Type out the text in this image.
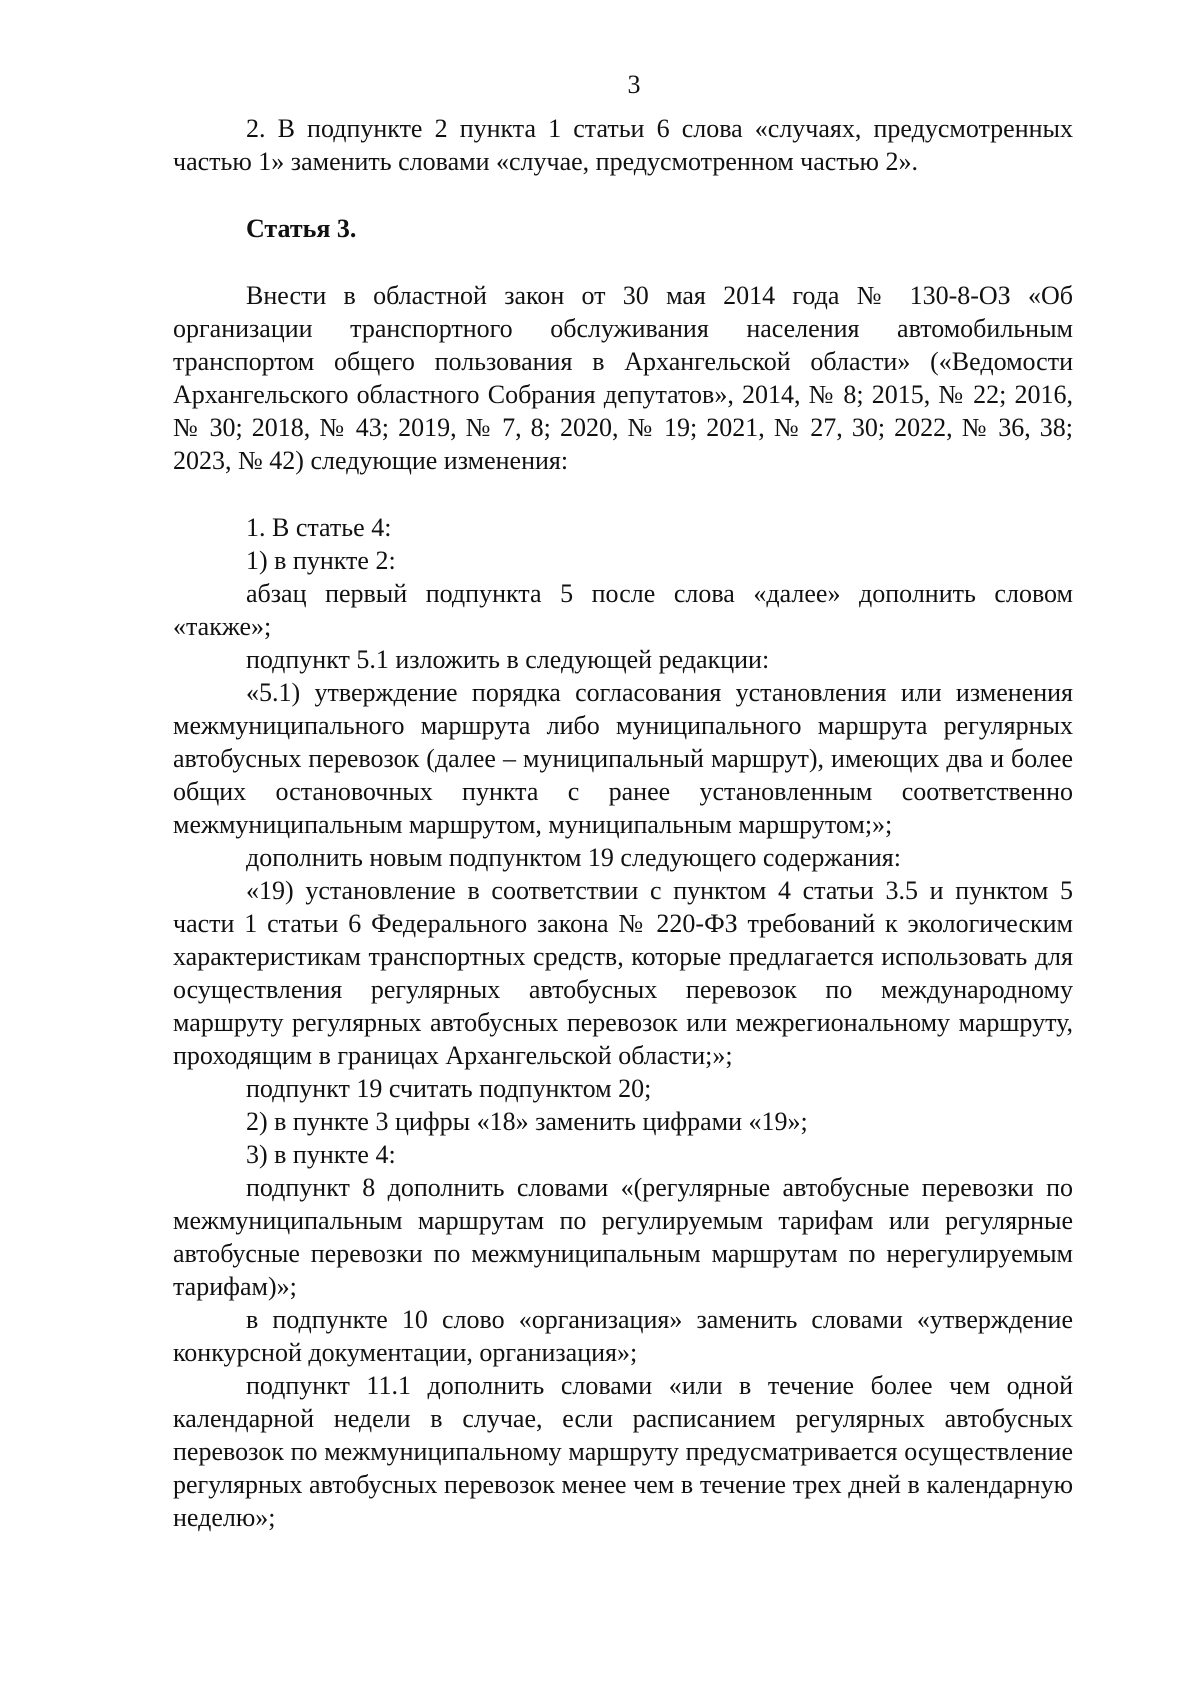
3

2. В подпункте 2 пункта 1 статьи 6 слова «случаях, предусмотренных частью 1» заменить словами «случае, предусмотренном частью 2».

Статья 3.

Внести в областной закон от 30 мая 2014 года № 130-8-ОЗ «Об организации транспортного обслуживания населения автомобильным транспортом общего пользования в Архангельской области» («Ведомости Архангельского областного Собрания депутатов», 2014, № 8; 2015, № 22; 2016, № 30; 2018, № 43; 2019, № 7, 8; 2020, № 19; 2021, № 27, 30; 2022, № 36, 38; 2023, № 42) следующие изменения:

1. В статье 4:

1) в пункте 2:

абзац первый подпункта 5 после слова «далее» дополнить словом «также»;

подпункт 5.1 изложить в следующей редакции:

«5.1) утверждение порядка согласования установления или изменения межмуниципального маршрута либо муниципального маршрута регулярных автобусных перевозок (далее – муниципальный маршрут), имеющих два и более общих остановочных пункта с ранее установленным соответственно межмуниципальным маршрутом, муниципальным маршрутом;»;

дополнить новым подпунктом 19 следующего содержания:

«19) установление в соответствии с пунктом 4 статьи 3.5 и пунктом 5 части 1 статьи 6 Федерального закона № 220-ФЗ требований к экологическим характеристикам транспортных средств, которые предлагается использовать для осуществления регулярных автобусных перевозок по международному маршруту регулярных автобусных перевозок или межрегиональному маршруту, проходящим в границах Архангельской области;»;

подпункт 19 считать подпунктом 20;

2) в пункте 3 цифры «18» заменить цифрами «19»;

3) в пункте 4:

подпункт 8 дополнить словами «(регулярные автобусные перевозки по межмуниципальным маршрутам по регулируемым тарифам или регулярные автобусные перевозки по межмуниципальным маршрутам по нерегулируемым тарифам)»;

в подпункте 10 слово «организация» заменить словами «утверждение конкурсной документации, организация»;

подпункт 11.1 дополнить словами «или в течение более чем одной календарной недели в случае, если расписанием регулярных автобусных перевозок по межмуниципальному маршруту предусматривается осуществление регулярных автобусных перевозок менее чем в течение трех дней в календарную неделю»;
